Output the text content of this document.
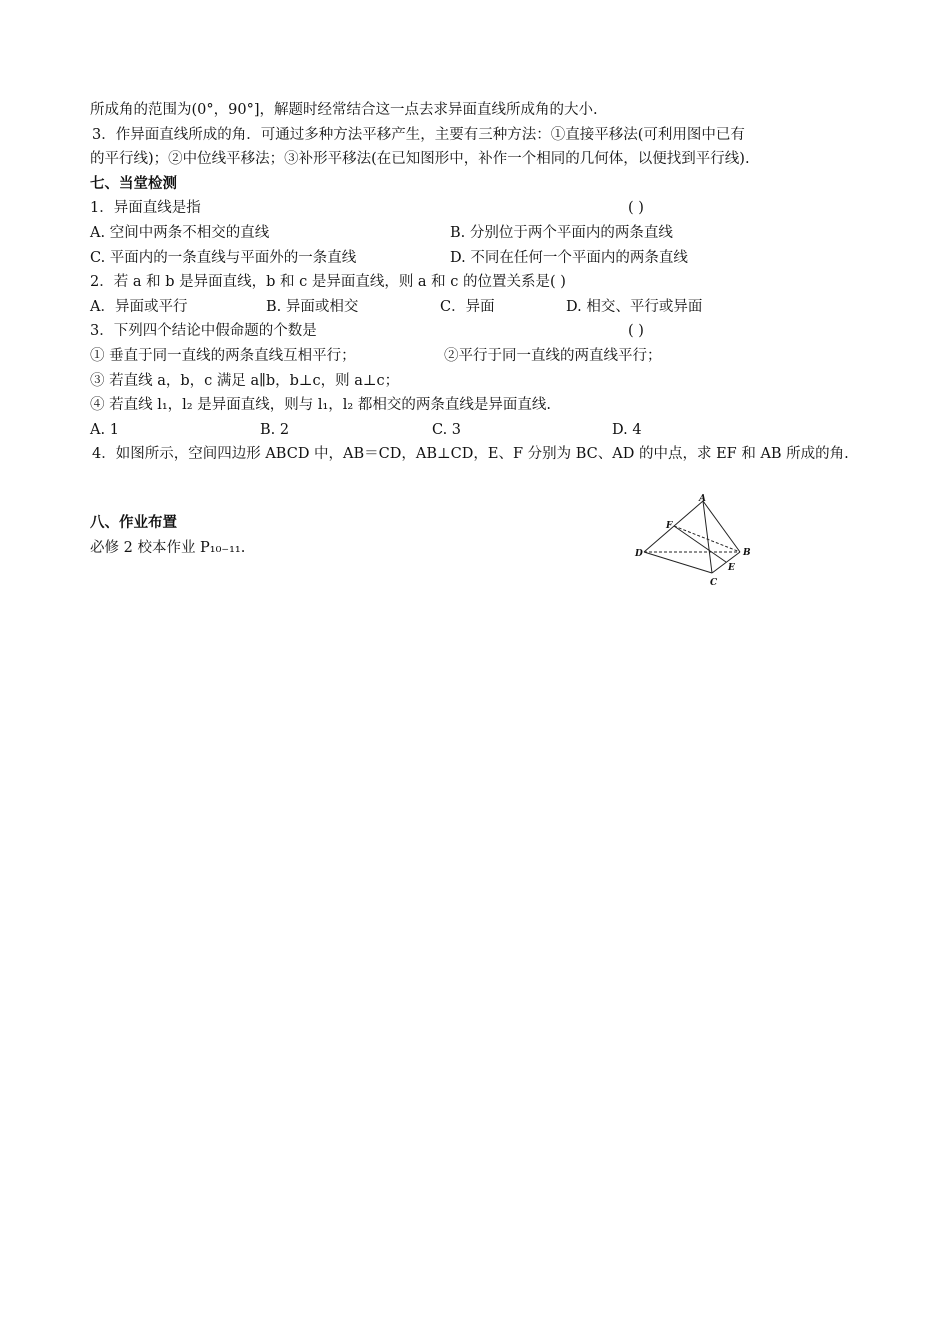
所成角的范围为(0°，90°]，解题时经常结合这一点去求异面直线所成角的大小.
3．作异面直线所成的角．可通过多种方法平移产生，主要有三种方法：①直接平移法(可利用图中已有
的平行线)；②中位线平移法；③补形平移法(在已知图形中，补作一个相同的几何体，以便找到平行线).
七、当堂检测
1．异面直线是指	( )
A. 空间中两条不相交的直线	B. 分别位于两个平面内的两条直线
C. 平面内的一条直线与平面外的一条直线	D. 不同在任何一个平面内的两条直线
2．若 a 和 b 是异面直线，b 和 c 是异面直线，则 a 和 c 的位置关系是( )
A．异面或平行	B. 异面或相交	C．异面	D. 相交、平行或异面
3．下列四个结论中假命题的个数是	( )
① 垂直于同一直线的两条直线互相平行；	②平行于同一直线的两直线平行；
③ 若直线 a，b，c 满足 a∥b，b⊥c，则 a⊥c；
④ 若直线 l₁，l₂ 是异面直线，则与 l₁，l₂ 都相交的两条直线是异面直线.
A. 1	B. 2	C. 3	D. 4
4．如图所示，空间四边形 ABCD 中，AB＝CD，AB⊥CD，E、F 分别为 BC、AD 的中点，求 EF 和 AB 所成的角.
八、作业布置
必修 2 校本作业 P₁₀₋₁₁.
A
B
C
D
E
F
